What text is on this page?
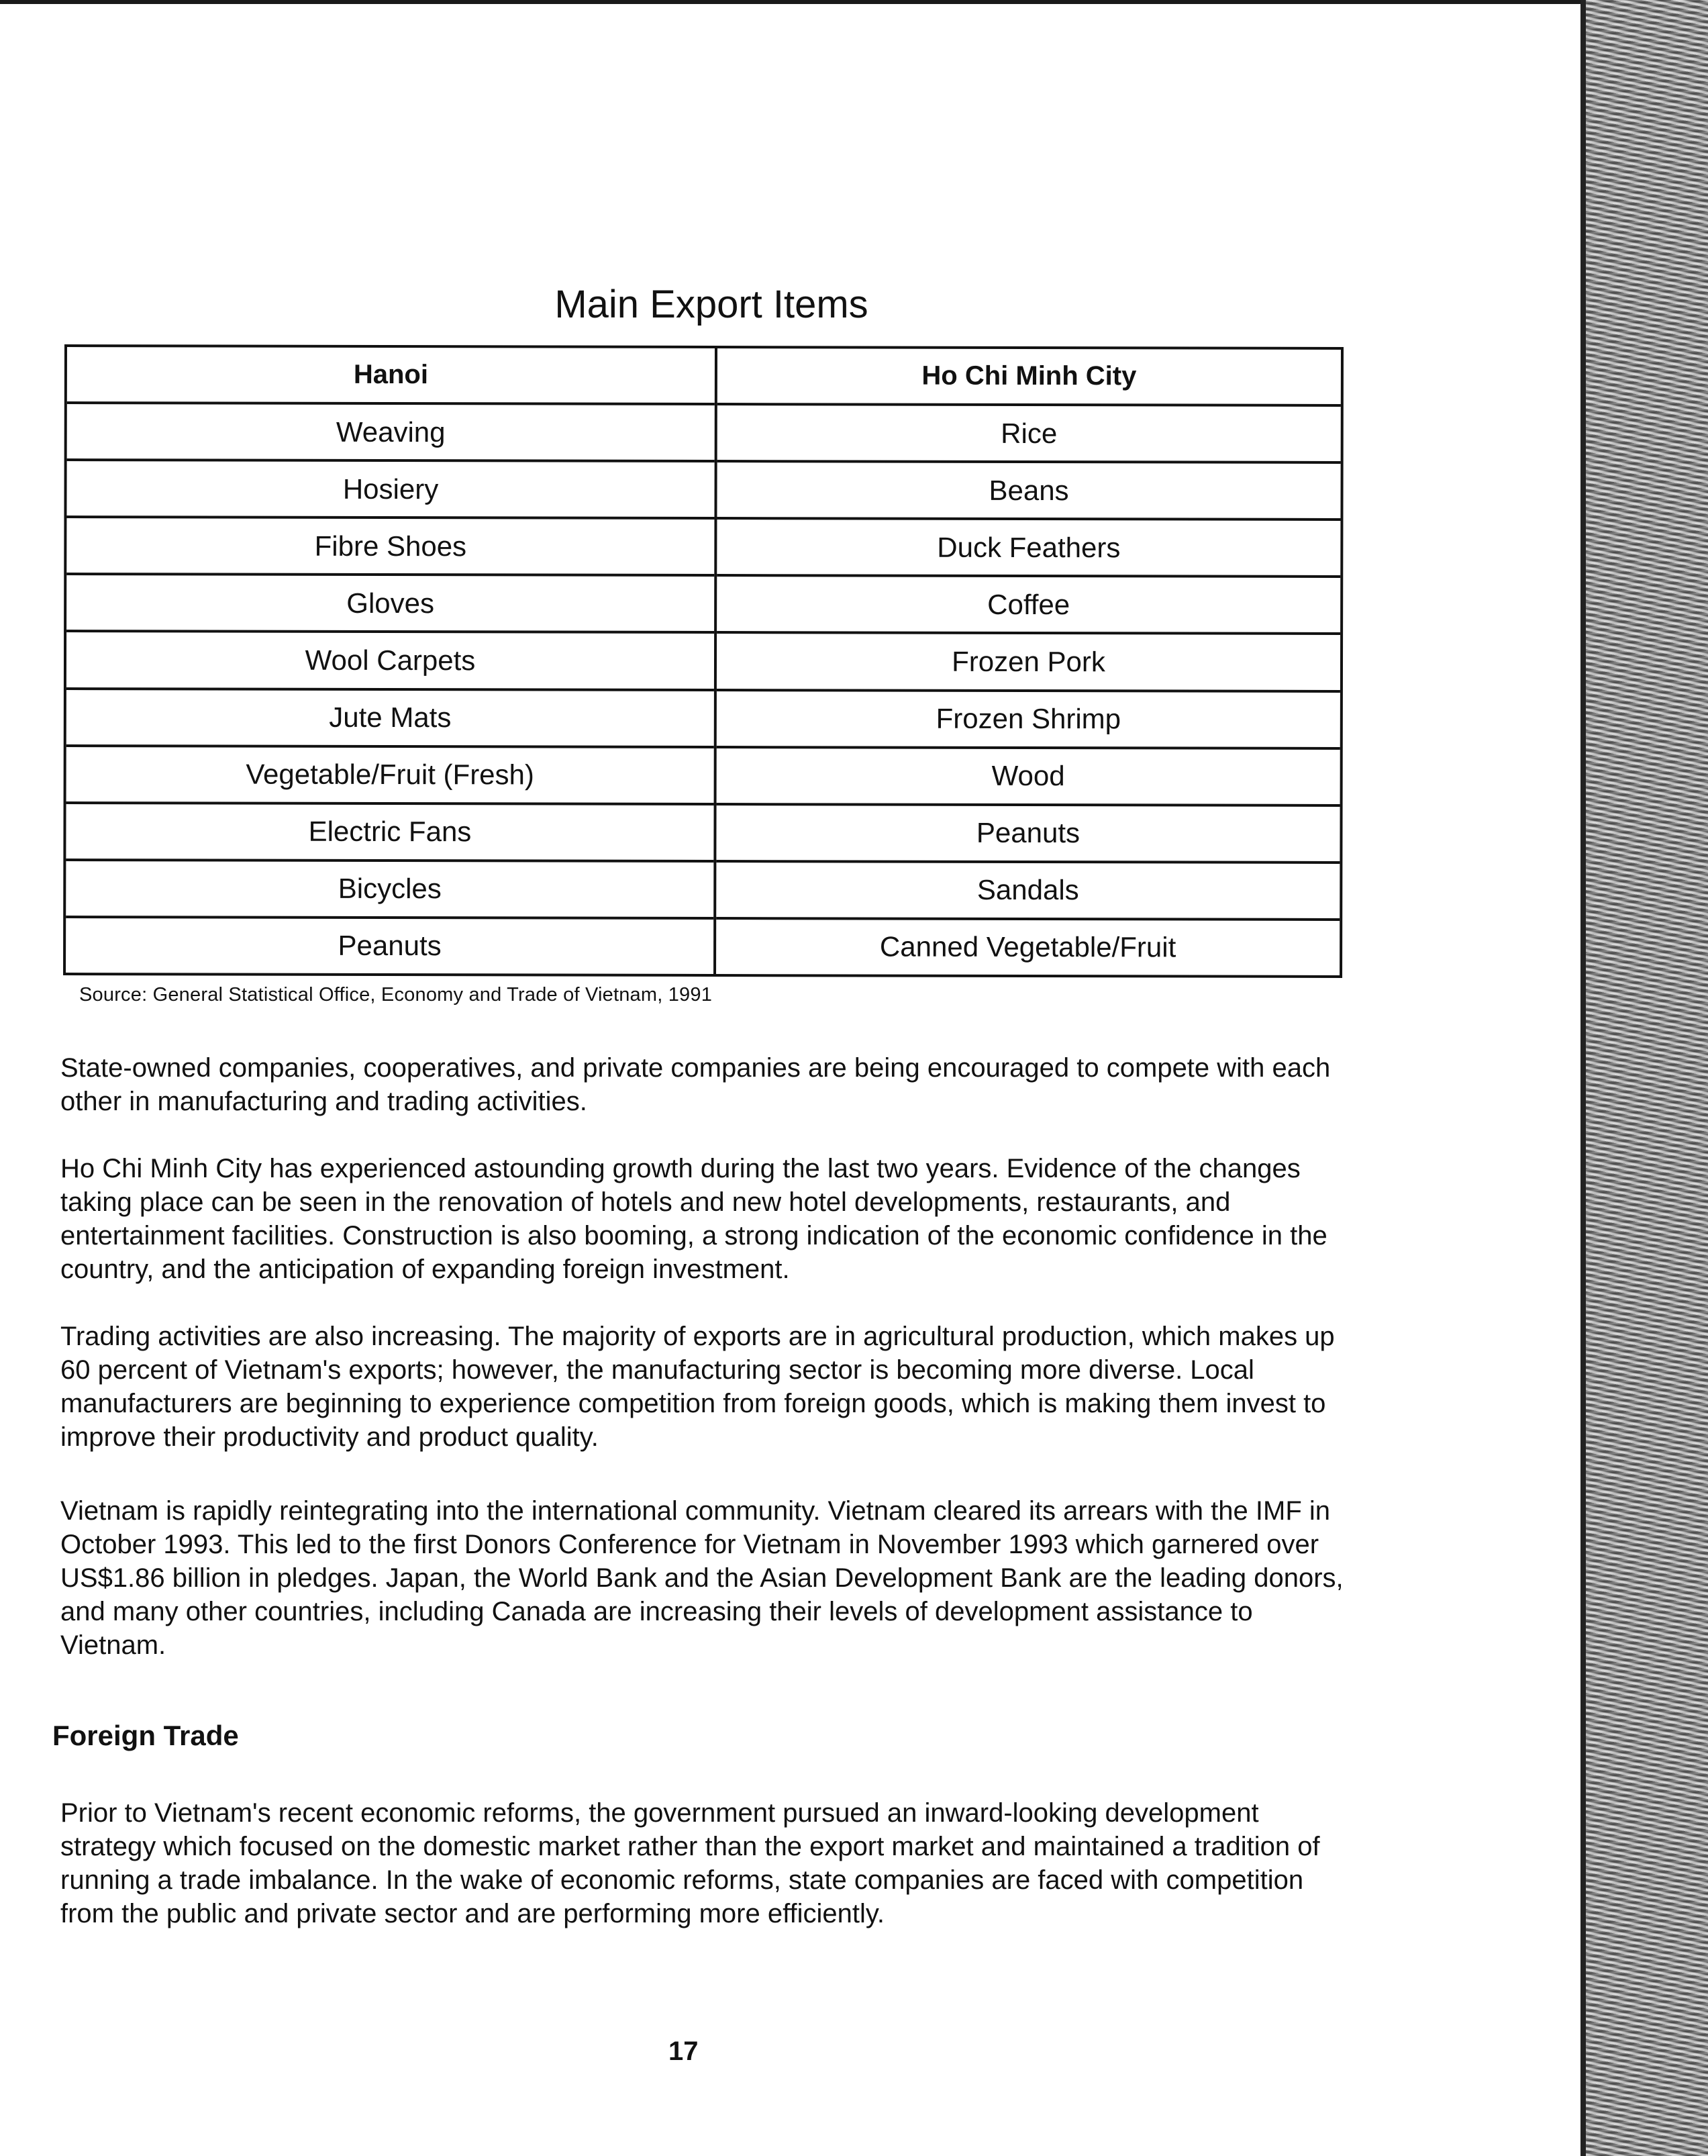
Main Export Items
Hanoi
Weaving
Hosiery
Fibre Shoes
Gloves
Wool Carpets
Jute Mats
Vegetable/Fruit (Fresh)
Electric Fans
Bicycles
Peanuts
Ho Chi Minh City
Rice
Beans
Duck Feathers
Coffee
Frozen Pork
Frozen Shrimp
Wood
Peanuts
Sandals
Canned Vegetable/Fruit
Source: General Statistical Office, Economy and Trade of Vietnam, 1991

State-owned companies, cooperatives, and private companies are being encouraged to compete with each other in manufacturing and trading activities.

Ho Chi Minh City has experienced astounding growth during the last two years. Evidence of the changes taking place can be seen in the renovation of hotels and new hotel developments, restaurants, and entertainment facilities. Construction is also booming, a strong indication of the economic confidence in the country, and the anticipation of expanding foreign investment.

Trading activities are also increasing. The majority of exports are in agricultural production, which makes up 60 percent of Vietnam's exports; however, the manufacturing sector is becoming more diverse. Local manufacturers are beginning to experience competition from foreign goods, which is making them invest to improve their productivity and product quality.

Vietnam is rapidly reintegrating into the international community. Vietnam cleared its arrears with the IMF in October 1993. This led to the first Donors Conference for Vietnam in November 1993 which garnered over US$1.86 billion in pledges. Japan, the World Bank and the Asian Development Bank are the leading donors, and many other countries, including Canada are increasing their levels of development assistance to Vietnam.

Foreign Trade

Prior to Vietnam's recent economic reforms, the government pursued an inward-looking development strategy which focused on the domestic market rather than the export market and maintained a tradition of running a trade imbalance. In the wake of economic reforms, state companies are faced with competition from the public and private sector and are performing more efficiently.

17
